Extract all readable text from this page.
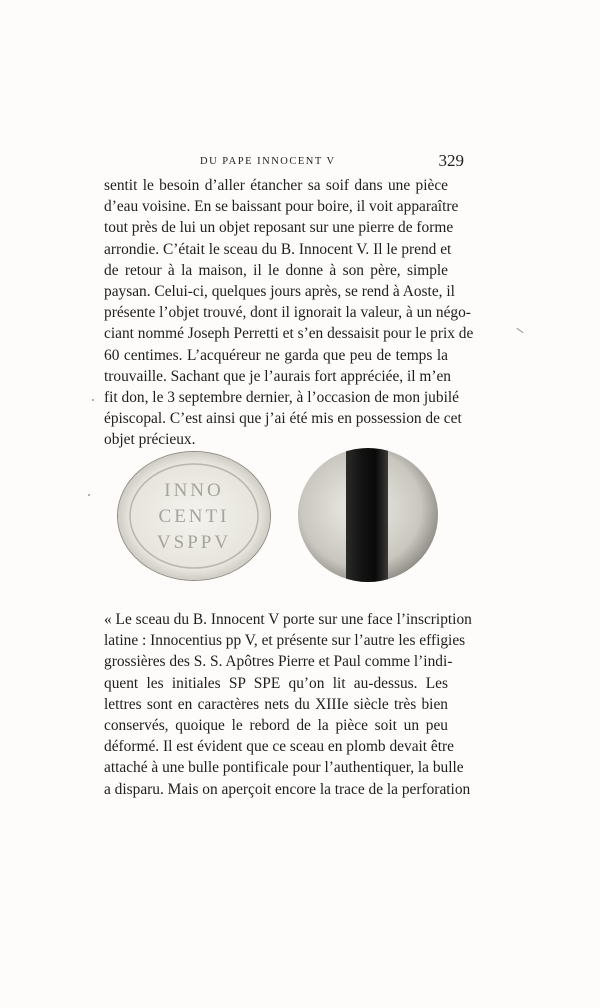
DU PAPE INNOCENT V	329
sentit le besoin d’aller étancher sa soif dans une pièce
d’eau voisine. En se baissant pour boire, il voit apparaître
tout près de lui un objet reposant sur une pierre de forme
arrondie. C’était le sceau du B. Innocent V. Il le prend et
de retour à la maison, il le donne à son père, simple
paysan. Celui-ci, quelques jours après, se rend à Aoste, il
présente l’objet trouvé, dont il ignorait la valeur, à un négo-
ciant nommé Joseph Perretti et s’en dessaisit pour le prix de
60 centimes. L’acquéreur ne garda que peu de temps la
trouvaille. Sachant que je l’aurais fort appréciée, il m’en
fit don, le 3 septembre dernier, à l’occasion de mon jubilé
épiscopal. C’est ainsi que j’ai été mis en possession de cet
objet précieux.
INNO
CENTI
VSPPV
« Le sceau du B. Innocent V porte sur une face l’inscription
latine : Innocentius pp V, et présente sur l’autre les effigies
grossières des S. S. Apôtres Pierre et Paul comme l’indi-
quent les initiales SP SPE qu’on lit au-dessus. Les
lettres sont en caractères nets du XIIIe siècle très bien
conservés, quoique le rebord de la pièce soit un peu
déformé. Il est évident que ce sceau en plomb devait être
attaché à une bulle pontificale pour l’authentiquer, la bulle
a disparu. Mais on aperçoit encore la trace de la perforation
